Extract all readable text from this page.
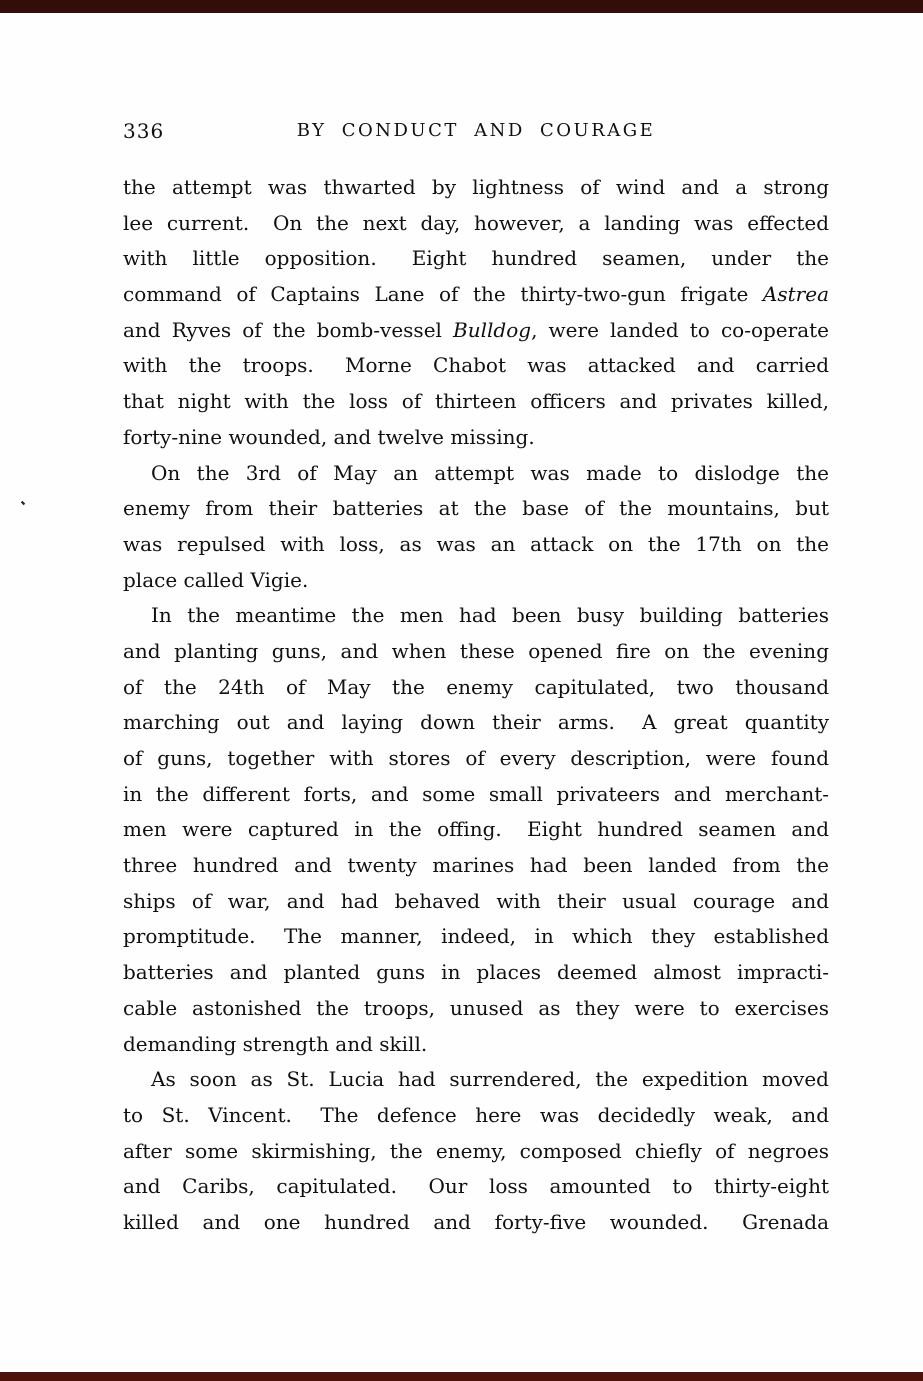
336	BY CONDUCT AND COURAGE
the attempt was thwarted by lightness of wind and a strong
lee current.  On the next day, however, a landing was effected
with little opposition.  Eight hundred seamen, under the
command of Captains Lane of the thirty-two-gun frigate Astrea
and Ryves of the bomb-vessel Bulldog, were landed to co-operate
with the troops.  Morne Chabot was attacked and carried
that night with the loss of thirteen officers and privates killed,
forty-nine wounded, and twelve missing.
On the 3rd of May an attempt was made to dislodge the
enemy from their batteries at the base of the mountains, but
was repulsed with loss, as was an attack on the 17th on the
place called Vigie.
In the meantime the men had been busy building batteries
and planting guns, and when these opened fire on the evening
of the 24th of May the enemy capitulated, two thousand
marching out and laying down their arms.  A great quantity
of guns, together with stores of every description, were found
in the different forts, and some small privateers and merchant-
men were captured in the offing.  Eight hundred seamen and
three hundred and twenty marines had been landed from the
ships of war, and had behaved with their usual courage and
promptitude.  The manner, indeed, in which they established
batteries and planted guns in places deemed almost impracti-
cable astonished the troops, unused as they were to exercises
demanding strength and skill.
As soon as St. Lucia had surrendered, the expedition moved
to St. Vincent.  The defence here was decidedly weak, and
after some skirmishing, the enemy, composed chiefly of negroes
and Caribs, capitulated.  Our loss amounted to thirty-eight
killed and one hundred and forty-five wounded.  Grenada
